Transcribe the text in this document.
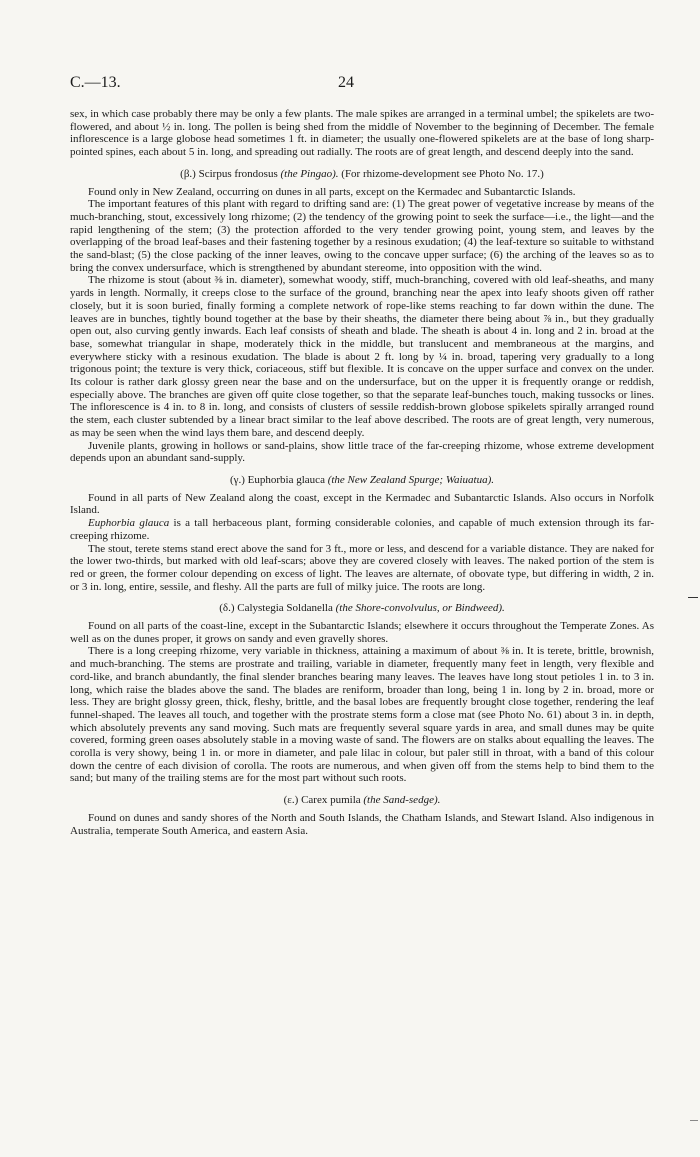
C.—13.	24

sex, in which case probably there may be only a few plants. The male spikes are arranged in a terminal umbel; the spikelets are two-flowered, and about ½ in. long. The pollen is being shed from the middle of November to the beginning of December. The female inflorescence is a large globose head sometimes 1 ft. in diameter; the usually one-flowered spikelets are at the base of long sharp-pointed spines, each about 5 in. long, and spreading out radially. The roots are of great length, and descend deeply into the sand.

(β.) Scirpus frondosus (the Pingao). (For rhizome-development see Photo No. 17.)

Found only in New Zealand, occurring on dunes in all parts, except on the Kermadec and Subantarctic Islands.

The important features of this plant with regard to drifting sand are: (1) The great power of vegetative increase by means of the much-branching, stout, excessively long rhizome; (2) the tendency of the growing point to seek the surface—i.e., the light—and the rapid lengthening of the stem; (3) the protection afforded to the very tender growing point, young stem, and leaves by the overlapping of the broad leaf-bases and their fastening together by a resinous exudation; (4) the leaf-texture so suitable to withstand the sand-blast; (5) the close packing of the inner leaves, owing to the concave upper surface; (6) the arching of the leaves so as to bring the convex undersurface, which is strengthened by abundant stereome, into opposition with the wind.

The rhizome is stout (about ⅜ in. diameter), somewhat woody, stiff, much-branching, covered with old leaf-sheaths, and many yards in length. Normally, it creeps close to the surface of the ground, branching near the apex into leafy shoots given off rather closely, but it is soon buried, finally forming a complete network of rope-like stems reaching to far down within the dune. The leaves are in bunches, tightly bound together at the base by their sheaths, the diameter there being about ⅞ in., but they gradually open out, also curving gently inwards. Each leaf consists of sheath and blade. The sheath is about 4 in. long and 2 in. broad at the base, somewhat triangular in shape, moderately thick in the middle, but translucent and membraneous at the margins, and everywhere sticky with a resinous exudation. The blade is about 2 ft. long by ¼ in. broad, tapering very gradually to a long trigonous point; the texture is very thick, coriaceous, stiff but flexible. It is concave on the upper surface and convex on the under. Its colour is rather dark glossy green near the base and on the undersurface, but on the upper it is frequently orange or reddish, especially above. The branches are given off quite close together, so that the separate leaf-bunches touch, making tussocks or lines. The inflorescence is 4 in. to 8 in. long, and consists of clusters of sessile reddish-brown globose spikelets spirally arranged round the stem, each cluster subtended by a linear bract similar to the leaf above described. The roots are of great length, very numerous, as may be seen when the wind lays them bare, and descend deeply.

Juvenile plants, growing in hollows or sand-plains, show little trace of the far-creeping rhizome, whose extreme development depends upon an abundant sand-supply.

(γ.) Euphorbia glauca (the New Zealand Spurge; Waiuatua).

Found in all parts of New Zealand along the coast, except in the Kermadec and Subantarctic Islands. Also occurs in Norfolk Island.

Euphorbia glauca is a tall herbaceous plant, forming considerable colonies, and capable of much extension through its far-creeping rhizome.

The stout, terete stems stand erect above the sand for 3 ft., more or less, and descend for a variable distance. They are naked for the lower two-thirds, but marked with old leaf-scars; above they are covered closely with leaves. The naked portion of the stem is red or green, the former colour depending on excess of light. The leaves are alternate, of obovate type, but differing in width, 2 in. or 3 in. long, entire, sessile, and fleshy. All the parts are full of milky juice. The roots are long.

(δ.) Calystegia Soldanella (the Shore-convolvulus, or Bindweed).

Found on all parts of the coast-line, except in the Subantarctic Islands; elsewhere it occurs throughout the Temperate Zones. As well as on the dunes proper, it grows on sandy and even gravelly shores.

There is a long creeping rhizome, very variable in thickness, attaining a maximum of about ⅜ in. It is terete, brittle, brownish, and much-branching. The stems are prostrate and trailing, variable in diameter, frequently many feet in length, very flexible and cord-like, and branch abundantly, the final slender branches bearing many leaves. The leaves have long stout petioles 1 in. to 3 in. long, which raise the blades above the sand. The blades are reniform, broader than long, being 1 in. long by 2 in. broad, more or less. They are bright glossy green, thick, fleshy, brittle, and the basal lobes are frequently brought close together, rendering the leaf funnel-shaped. The leaves all touch, and together with the prostrate stems form a close mat (see Photo No. 61) about 3 in. in depth, which absolutely prevents any sand moving. Such mats are frequently several square yards in area, and small dunes may be quite covered, forming green oases absolutely stable in a moving waste of sand. The flowers are on stalks about equalling the leaves. The corolla is very showy, being 1 in. or more in diameter, and pale lilac in colour, but paler still in throat, with a band of this colour down the centre of each division of corolla. The roots are numerous, and when given off from the stems help to bind them to the sand; but many of the trailing stems are for the most part without such roots.

(ε.) Carex pumila (the Sand-sedge).

Found on dunes and sandy shores of the North and South Islands, the Chatham Islands, and Stewart Island. Also indigenous in Australia, temperate South America, and eastern Asia.
